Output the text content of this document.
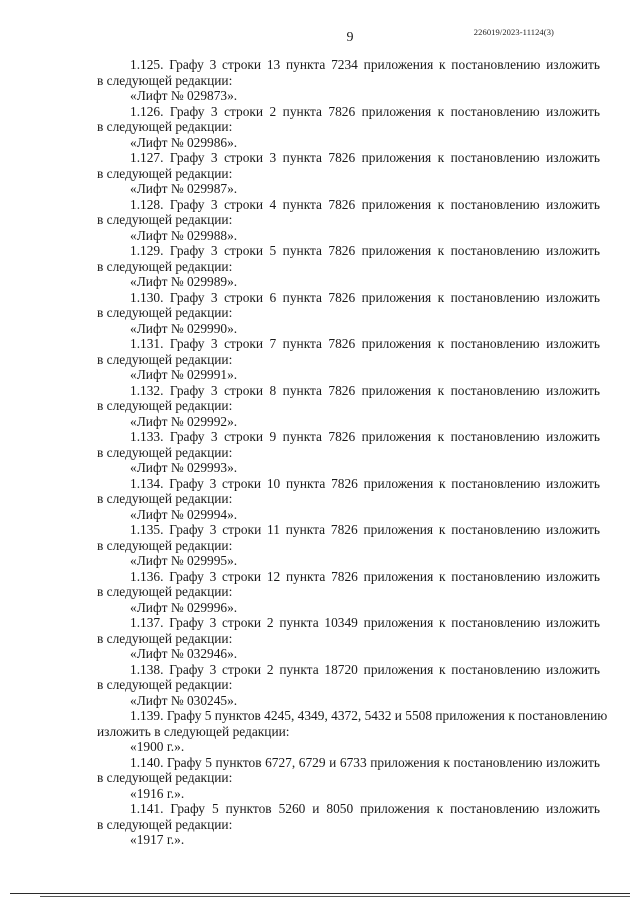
226019/2023-11124(3)
9
1.125. Графу 3 строки 13 пункта 7234 приложения к постановлению изложить
в следующей редакции:
«Лифт № 029873».
1.126. Графу 3 строки 2 пункта 7826 приложения к постановлению изложить
в следующей редакции:
«Лифт № 029986».
1.127. Графу 3 строки 3 пункта 7826 приложения к постановлению изложить
в следующей редакции:
«Лифт № 029987».
1.128. Графу 3 строки 4 пункта 7826 приложения к постановлению изложить
в следующей редакции:
«Лифт № 029988».
1.129. Графу 3 строки 5 пункта 7826 приложения к постановлению изложить
в следующей редакции:
«Лифт № 029989».
1.130. Графу 3 строки 6 пункта 7826 приложения к постановлению изложить
в следующей редакции:
«Лифт № 029990».
1.131. Графу 3 строки 7 пункта 7826 приложения к постановлению изложить
в следующей редакции:
«Лифт № 029991».
1.132. Графу 3 строки 8 пункта 7826 приложения к постановлению изложить
в следующей редакции:
«Лифт № 029992».
1.133. Графу 3 строки 9 пункта 7826 приложения к постановлению изложить
в следующей редакции:
«Лифт № 029993».
1.134. Графу 3 строки 10 пункта 7826 приложения к постановлению изложить
в следующей редакции:
«Лифт № 029994».
1.135. Графу 3 строки 11 пункта 7826 приложения к постановлению изложить
в следующей редакции:
«Лифт № 029995».
1.136. Графу 3 строки 12 пункта 7826 приложения к постановлению изложить
в следующей редакции:
«Лифт № 029996».
1.137. Графу 3 строки 2 пункта 10349 приложения к постановлению изложить
в следующей редакции:
«Лифт № 032946».
1.138. Графу 3 строки 2 пункта 18720 приложения к постановлению изложить
в следующей редакции:
«Лифт № 030245».
1.139. Графу 5 пунктов 4245, 4349, 4372, 5432 и 5508 приложения к постановлению
изложить в следующей редакции:
«1900 г.».
1.140. Графу 5 пунктов 6727, 6729 и 6733 приложения к постановлению изложить
в следующей редакции:
«1916 г.».
1.141. Графу 5 пунктов 5260 и 8050 приложения к постановлению изложить
в следующей редакции:
«1917 г.».
